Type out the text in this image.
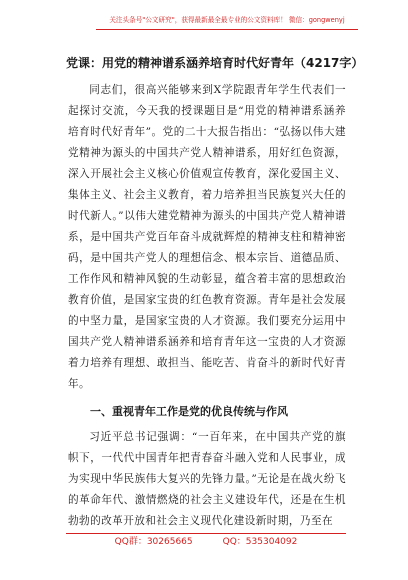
关注头条号"公文研究"，获得最新最全最专业的公文资料库！ 微信：gongwenyj
党课：用党的精神谱系涵养培育时代好青年（4217字）

同志们，很高兴能够来到X学院跟青年学生代表们一起探讨交流，今天我的授课题目是“用党的精神谱系涵养培育时代好青年”。党的二十大报告指出：“弘扬以伟大建党精神为源头的中国共产党人精神谱系，用好红色资源，深入开展社会主义核心价值观宣传教育，深化爱国主义、集体主义、社会主义教育，着力培养担当民族复兴大任的时代新人。”以伟大建党精神为源头的中国共产党人精神谱系，是中国共产党百年奋斗成就辉煌的精神支柱和精神密码，是中国共产党人的理想信念、根本宗旨、道德品质、工作作风和精神风貌的生动彰显，蕴含着丰富的思想政治教育价值，是国家宝贵的红色教育资源。青年是社会发展的中坚力量，是国家宝贵的人才资源。我们要充分运用中国共产党人精神谱系涵养和培育青年这一宝贵的人才资源着力培养有理想、敢担当、能吃苦、肯奋斗的新时代好青年。

一、重视青年工作是党的优良传统与作风

习近平总书记强调：“一百年来，在中国共产党的旗帜下，一代代中国青年把青春奋斗融入党和人民事业，成为实现中华民族伟大复兴的先锋力量。”无论是在战火纷飞的革命年代、激情燃烧的社会主义建设年代，还是在生机勃勃的改革开放和社会主义现代化建设新时期，乃至在

QQ群：30265665	QQ：535304092
